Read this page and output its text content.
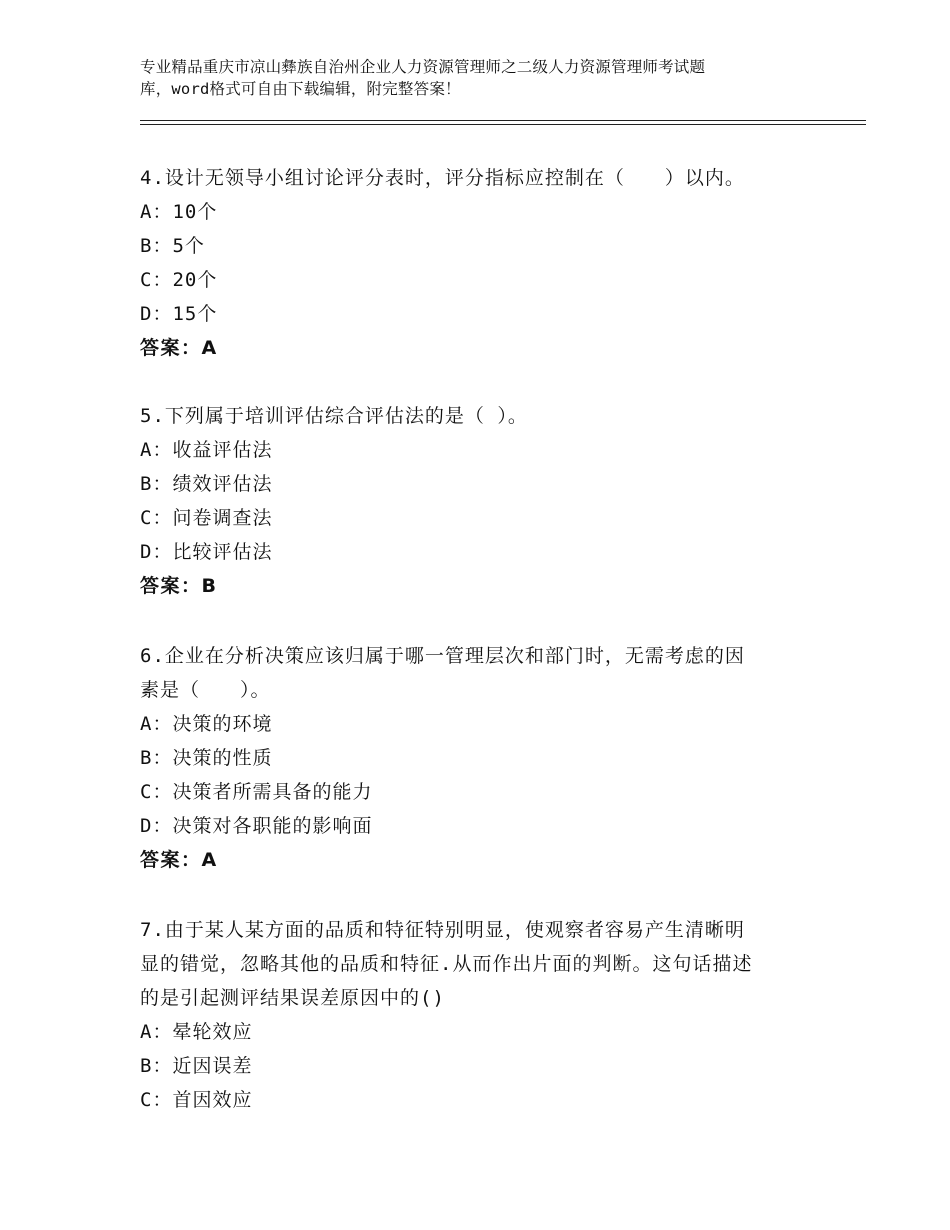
专业精品重庆市凉山彝族自治州企业人力资源管理师之二级人力资源管理师考试题
库，word格式可自由下载编辑，附完整答案！
4.设计无领导小组讨论评分表时，评分指标应控制在（　　）以内。
A：10个
B：5个
C：20个
D：15个
答案：A
5.下列属于培训评估综合评估法的是（ ）。
A：收益评估法
B：绩效评估法
C：问卷调查法
D：比较评估法
答案：B
6.企业在分析决策应该归属于哪一管理层次和部门时，无需考虑的因
素是（　　）。
A：决策的环境
B：决策的性质
C：决策者所需具备的能力
D：决策对各职能的影响面
答案：A
7.由于某人某方面的品质和特征特别明显，使观察者容易产生清晰明
显的错觉，忽略其他的品质和特征.从而作出片面的判断。这句话描述
的是引起测评结果误差原因中的()
A：晕轮效应
B：近因误差
C：首因效应
